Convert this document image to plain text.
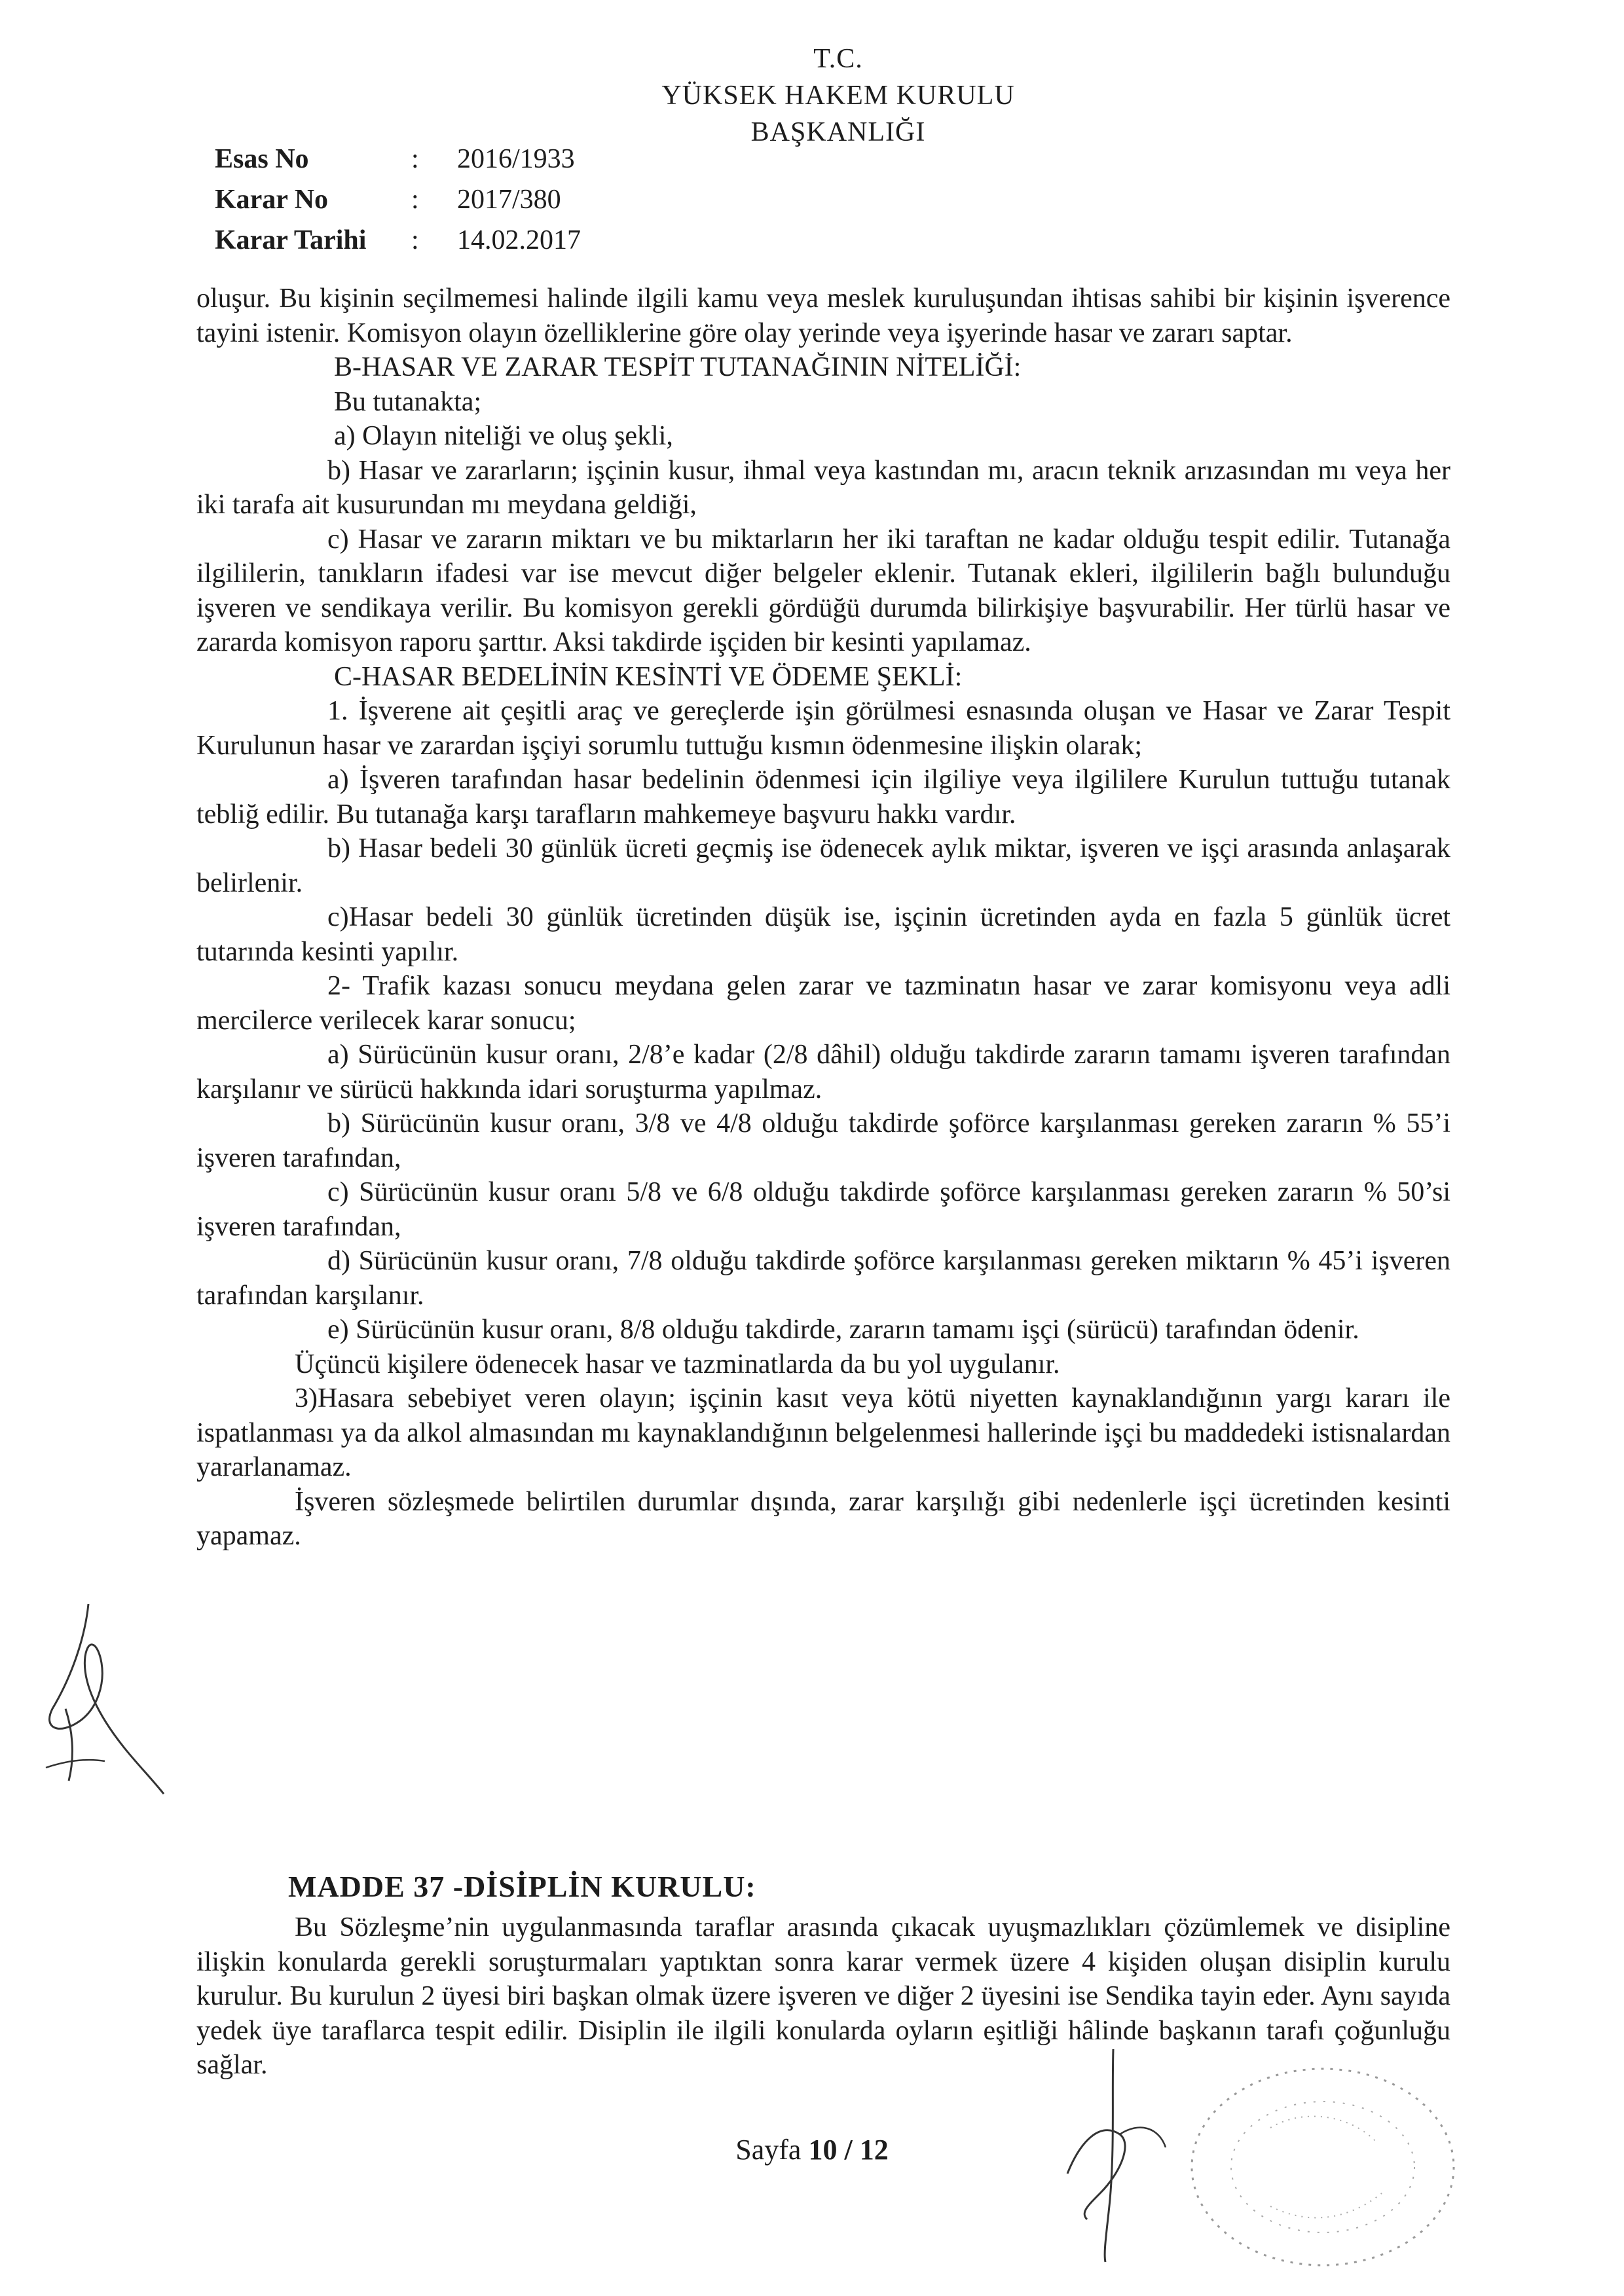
T.C.
YÜKSEK HAKEM KURULU
BAŞKANLIĞI
Esas No	:	2016/1933
Karar No	:	2017/380
Karar Tarihi	:	14.02.2017

oluşur. Bu kişinin seçilmemesi halinde ilgili kamu veya meslek kuruluşundan ihtisas sahibi bir kişinin işverence tayini istenir. Komisyon olayın özelliklerine göre olay yerinde veya işyerinde hasar ve zararı saptar.

B-HASAR VE ZARAR TESPİT TUTANAĞININ NİTELİĞİ:

Bu tutanakta;

a) Olayın niteliği ve oluş şekli,

b) Hasar ve zararların; işçinin kusur, ihmal veya kastından mı, aracın teknik arızasından mı veya her iki tarafa ait kusurundan mı meydana geldiği,

c) Hasar ve zararın miktarı ve bu miktarların her iki taraftan ne kadar olduğu tespit edilir. Tutanağa ilgililerin, tanıkların ifadesi var ise mevcut diğer belgeler eklenir. Tutanak ekleri, ilgililerin bağlı bulunduğu işveren ve sendikaya verilir. Bu komisyon gerekli gördüğü durumda bilirkişiye başvurabilir. Her türlü hasar ve zararda komisyon raporu şarttır. Aksi takdirde işçiden bir kesinti yapılamaz.

C-HASAR BEDELİNİN KESİNTİ VE ÖDEME ŞEKLİ:

1. İşverene ait çeşitli araç ve gereçlerde işin görülmesi esnasında oluşan ve Hasar ve Zarar Tespit Kurulunun hasar ve zarardan işçiyi sorumlu tuttuğu kısmın ödenmesine ilişkin olarak;

a) İşveren tarafından hasar bedelinin ödenmesi için ilgiliye veya ilgililere Kurulun tuttuğu tutanak tebliğ edilir. Bu tutanağa karşı tarafların mahkemeye başvuru hakkı vardır.

b) Hasar bedeli 30 günlük ücreti geçmiş ise ödenecek aylık miktar, işveren ve işçi arasında anlaşarak belirlenir.

c)Hasar bedeli 30 günlük ücretinden düşük ise, işçinin ücretinden ayda en fazla 5 günlük ücret tutarında kesinti yapılır.

2- Trafik kazası sonucu meydana gelen zarar ve tazminatın hasar ve zarar komisyonu veya adli mercilerce verilecek karar sonucu;

a) Sürücünün kusur oranı, 2/8’e kadar (2/8 dâhil) olduğu takdirde zararın tamamı işveren tarafından karşılanır ve sürücü hakkında idari soruşturma yapılmaz.

b) Sürücünün kusur oranı, 3/8 ve 4/8 olduğu takdirde şoförce karşılanması gereken zararın % 55’i işveren tarafından,

c) Sürücünün kusur oranı 5/8 ve 6/8 olduğu takdirde şoförce karşılanması gereken zararın % 50’si işveren tarafından,

d) Sürücünün kusur oranı, 7/8 olduğu takdirde şoförce karşılanması gereken miktarın % 45’i işveren tarafından karşılanır.

e) Sürücünün kusur oranı, 8/8 olduğu takdirde, zararın tamamı işçi (sürücü) tarafından ödenir.

Üçüncü kişilere ödenecek hasar ve tazminatlarda da bu yol uygulanır.

3)Hasara sebebiyet veren olayın; işçinin kasıt veya kötü niyetten kaynaklandığının yargı kararı ile ispatlanması ya da alkol almasından mı kaynaklandığının belgelenmesi hallerinde işçi bu maddedeki istisnalardan yararlanamaz.

İşveren sözleşmede belirtilen durumlar dışında, zarar karşılığı gibi nedenlerle işçi ücretinden kesinti yapamaz.

MADDE 37 -DİSİPLİN KURULU:

Bu Sözleşme’nin uygulanmasında taraflar arasında çıkacak uyuşmazlıkları çözümlemek ve disipline ilişkin konularda gerekli soruşturmaları yaptıktan sonra karar vermek üzere 4 kişiden oluşan disiplin kurulu kurulur. Bu kurulun 2 üyesi biri başkan olmak üzere işveren ve diğer 2 üyesini ise Sendika tayin eder. Aynı sayıda yedek üye taraflarca tespit edilir. Disiplin ile ilgili konularda oyların eşitliği hâlinde başkanın tarafı çoğunluğu sağlar.

Sayfa 10 / 12
